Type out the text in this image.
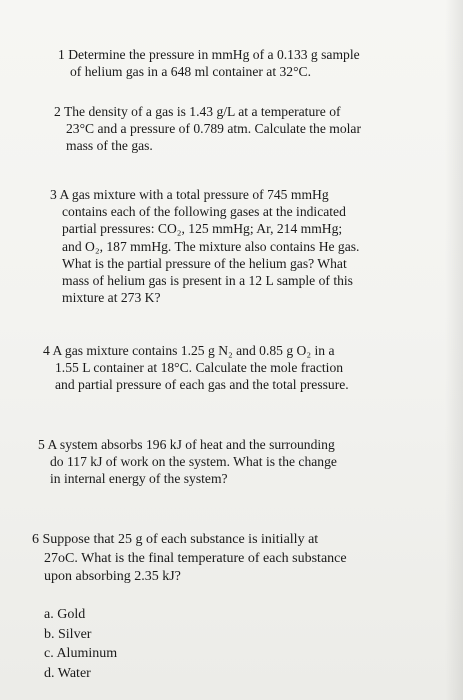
1 Determine the pressure in mmHg of a 0.133 g sample
of helium gas in a 648 ml container at 32°C.
2 The density of a gas is 1.43 g/L at a temperature of
23°C and a pressure of 0.789 atm. Calculate the molar
mass of the gas.
3 A gas mixture with a total pressure of 745 mmHg
contains each of the following gases at the indicated
partial pressures: CO₂, 125 mmHg; Ar, 214 mmHg;
and O₂, 187 mmHg. The mixture also contains He gas.
What is the partial pressure of the helium gas? What
mass of helium gas is present in a 12 L sample of this
mixture at 273 K?
4 A gas mixture contains 1.25 g N₂ and 0.85 g O₂ in a
1.55 L container at 18°C. Calculate the mole fraction
and partial pressure of each gas and the total pressure.
5 A system absorbs 196 kJ of heat and the surrounding
do 117 kJ of work on the system. What is the change
in internal energy of the system?
6 Suppose that 25 g of each substance is initially at
27oC. What is the final temperature of each substance
upon absorbing 2.35 kJ?
a. Gold
b. Silver
c. Aluminum
d. Water
